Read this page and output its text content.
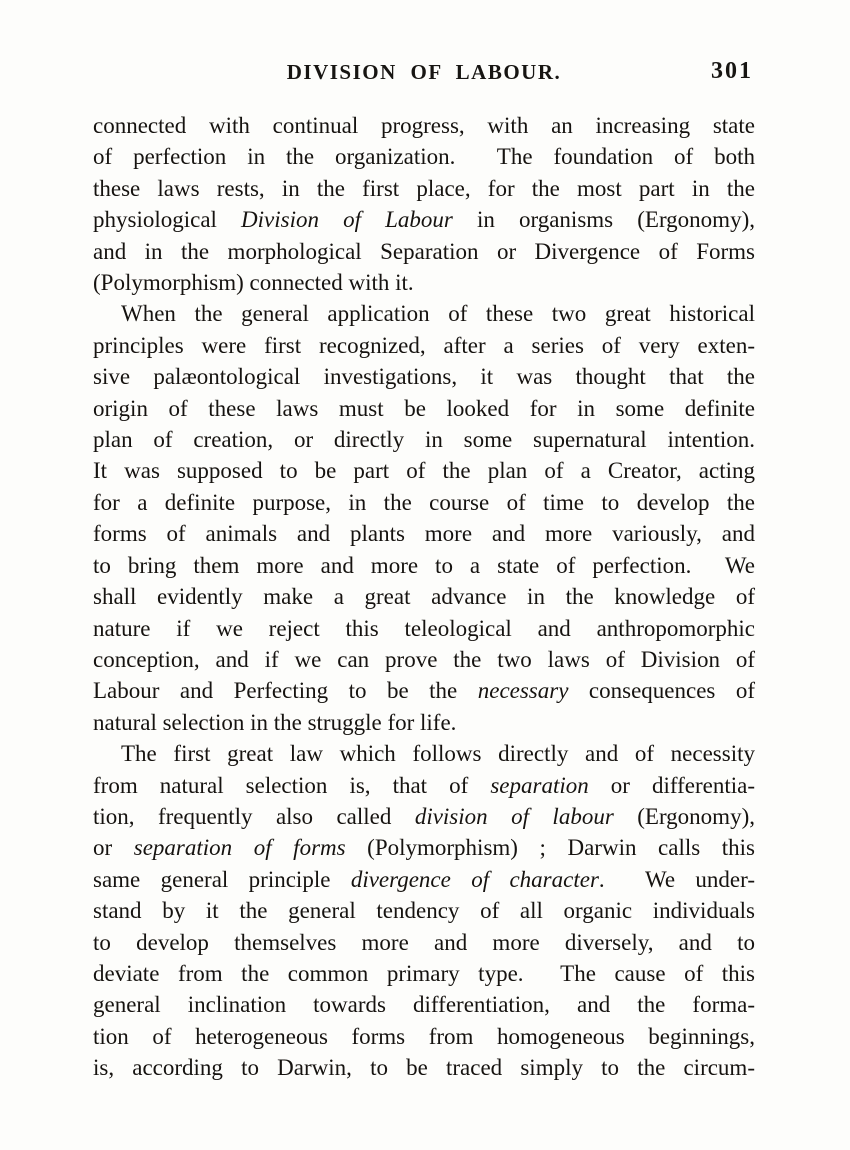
DIVISION OF LABOUR.	301
connected with continual progress, with an increasing state
of perfection in the organization.  The foundation of both
these laws rests, in the first place, for the most part in the
physiological Division of Labour in organisms (Ergonomy),
and in the morphological Separation or Divergence of Forms
(Polymorphism) connected with it.
When the general application of these two great historical
principles were first recognized, after a series of very exten-
sive palæontological investigations, it was thought that the
origin of these laws must be looked for in some definite
plan of creation, or directly in some supernatural intention.
It was supposed to be part of the plan of a Creator, acting
for a definite purpose, in the course of time to develop the
forms of animals and plants more and more variously, and
to bring them more and more to a state of perfection.  We
shall evidently make a great advance in the knowledge of
nature if we reject this teleological and anthropomorphic
conception, and if we can prove the two laws of Division of
Labour and Perfecting to be the necessary consequences of
natural selection in the struggle for life.
The first great law which follows directly and of necessity
from natural selection is, that of separation or differentia-
tion, frequently also called division of labour (Ergonomy),
or separation of forms (Polymorphism) ; Darwin calls this
same general principle divergence of character.  We under-
stand by it the general tendency of all organic individuals
to develop themselves more and more diversely, and to
deviate from the common primary type.  The cause of this
general inclination towards differentiation, and the forma-
tion of heterogeneous forms from homogeneous beginnings,
is, according to Darwin, to be traced simply to the circum-
